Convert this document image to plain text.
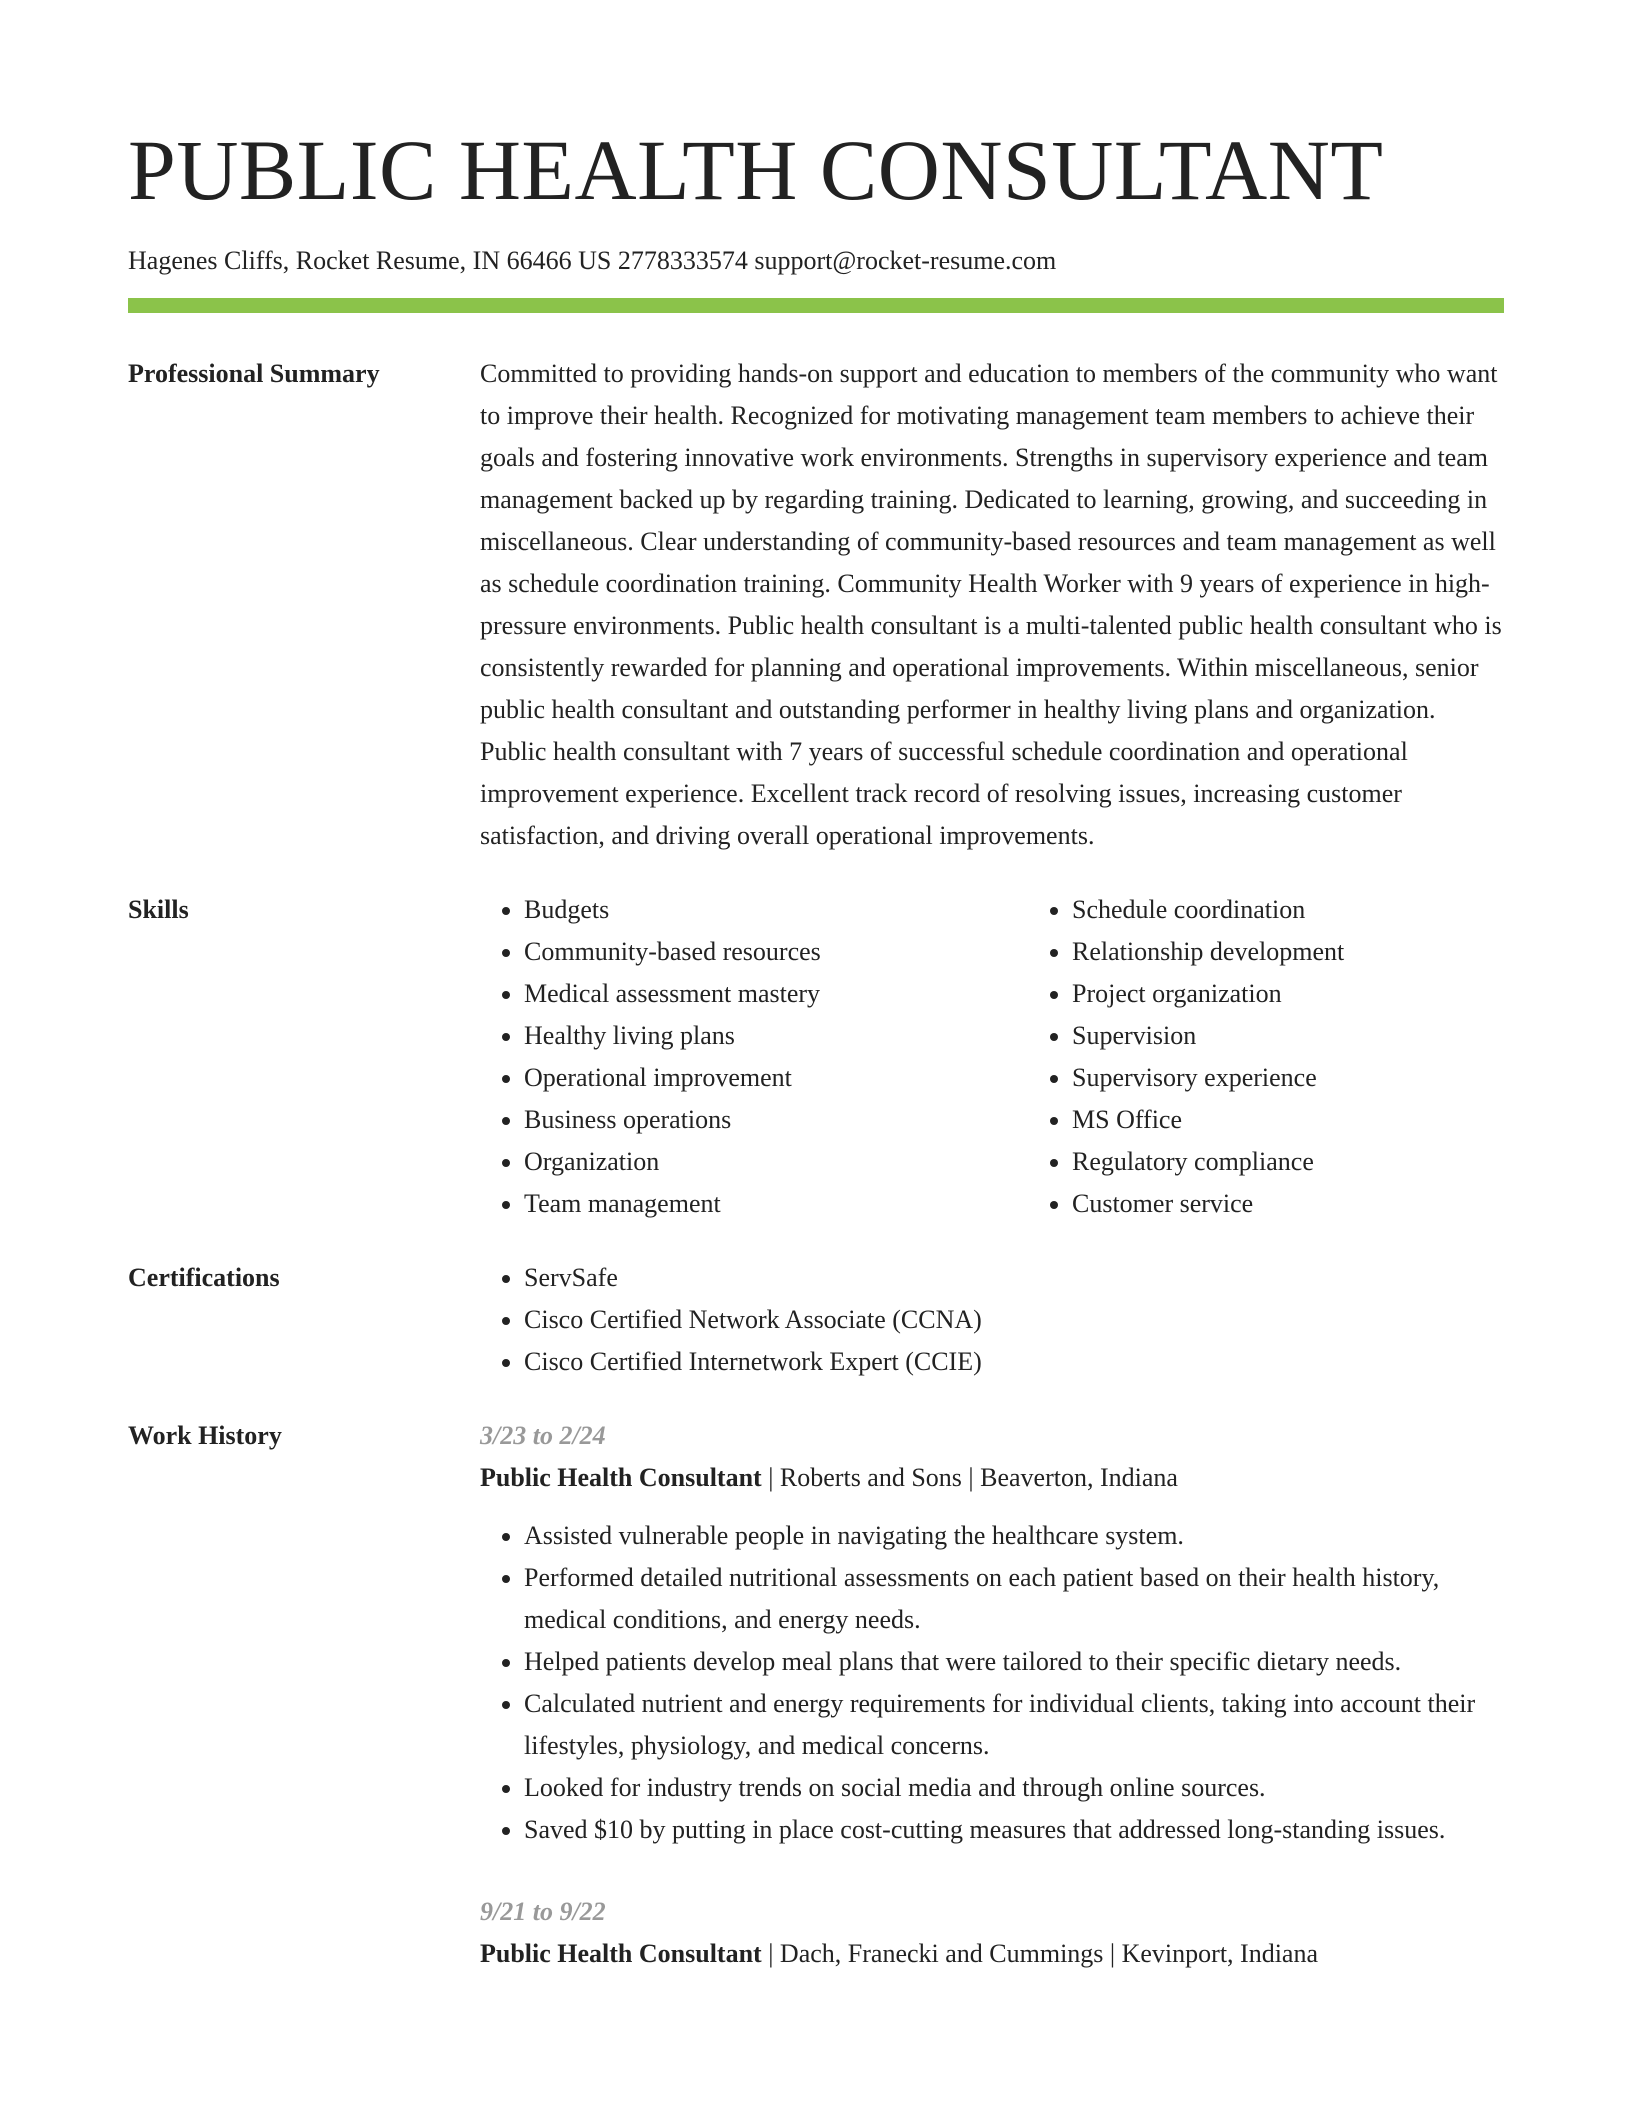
PUBLIC HEALTH CONSULTANT
Hagenes Cliffs, Rocket Resume, IN 66466 US 2778333574 support@rocket-resume.com
Professional Summary	Committed to providing hands-on support and education to members of the community who want to improve their health. Recognized for motivating management team members to achieve their goals and fostering innovative work environments. Strengths in supervisory experience and team management backed up by regarding training. Dedicated to learning, growing, and succeeding in miscellaneous. Clear understanding of community-based resources and team management as well as schedule coordination training. Community Health Worker with 9 years of experience in high-pressure environments. Public health consultant is a multi-talented public health consultant who is consistently rewarded for planning and operational improvements. Within miscellaneous, senior public health consultant and outstanding performer in healthy living plans and organization. Public health consultant with 7 years of successful schedule coordination and operational improvement experience. Excellent track record of resolving issues, increasing customer satisfaction, and driving overall operational improvements.

Skills	• Budgets
• Community-based resources
• Medical assessment mastery
• Healthy living plans
• Operational improvement
• Business operations
• Organization
• Team management
• Schedule coordination
• Relationship development
• Project organization
• Supervision
• Supervisory experience
• MS Office
• Regulatory compliance
• Customer service
Certifications	• ServSafe
• Cisco Certified Network Associate (CCNA)
• Cisco Certified Internetwork Expert (CCIE)
Work History	3/23 to 2/24
Public Health Consultant | Roberts and Sons | Beaverton, Indiana
• Assisted vulnerable people in navigating the healthcare system.
• Performed detailed nutritional assessments on each patient based on their health history, medical conditions, and energy needs.
• Helped patients develop meal plans that were tailored to their specific dietary needs.
• Calculated nutrient and energy requirements for individual clients, taking into account their lifestyles, physiology, and medical concerns.
• Looked for industry trends on social media and through online sources.
• Saved $10 by putting in place cost-cutting measures that addressed long-standing issues.
9/21 to 9/22
Public Health Consultant | Dach, Franecki and Cummings | Kevinport, Indiana
